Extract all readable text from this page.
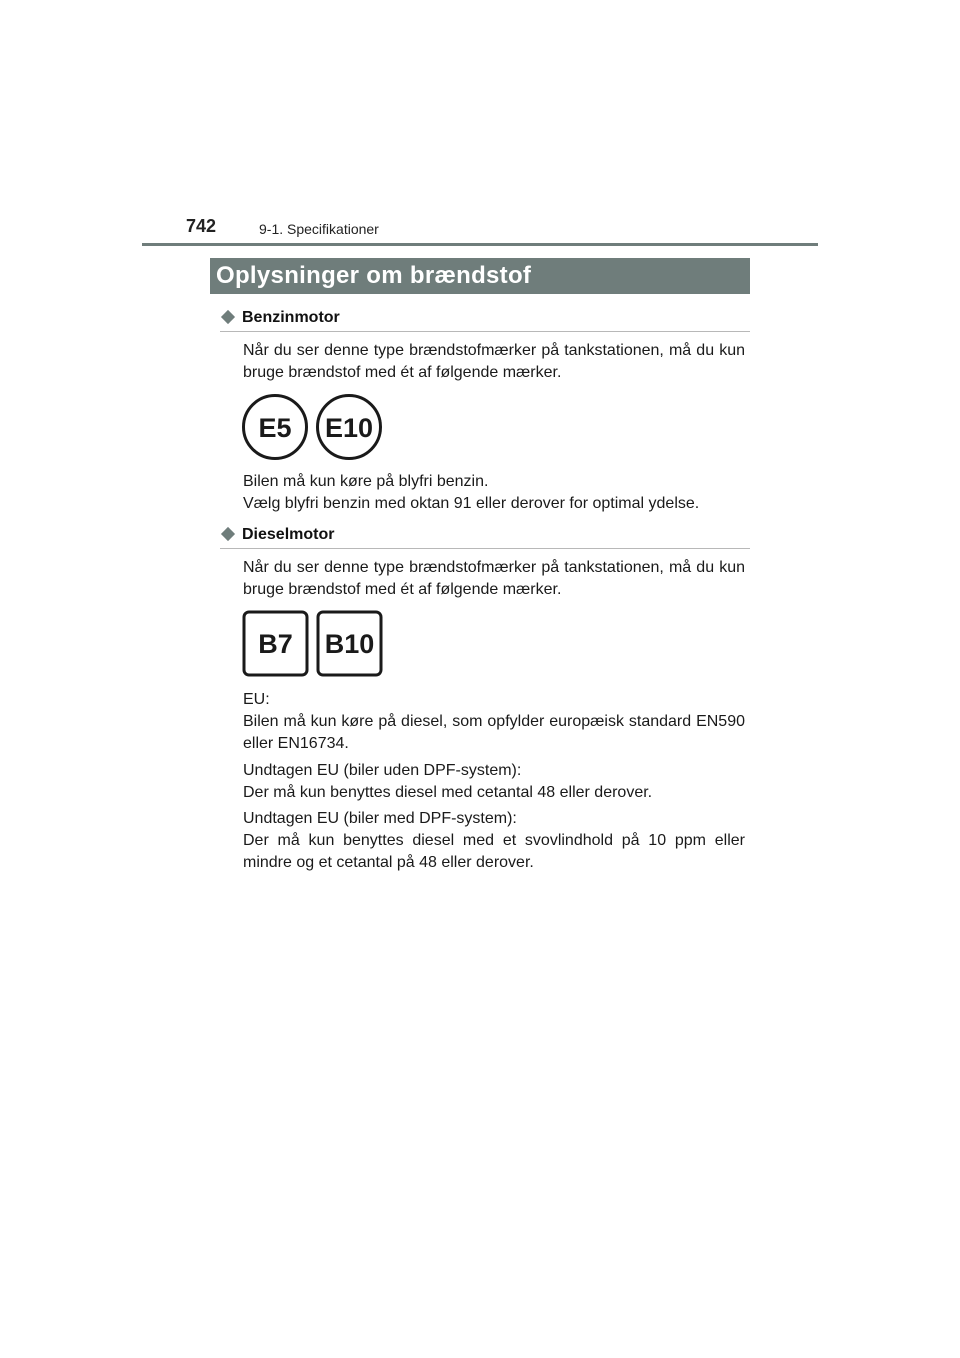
742	9-1. Specifikationer
Oplysninger om brændstof
Benzinmotor
Når du ser denne type brændstofmærker på tankstationen, må du kun bruge brændstof med ét af følgende mærker.
E5 E10
Bilen må kun køre på blyfri benzin.
Vælg blyfri benzin med oktan 91 eller derover for optimal ydelse.
Dieselmotor
Når du ser denne type brændstofmærker på tankstationen, må du kun bruge brændstof med ét af følgende mærker.
B7 B10
EU:
Bilen må kun køre på diesel, som opfylder europæisk standard EN590 eller EN16734.
Undtagen EU (biler uden DPF-system):
Der må kun benyttes diesel med cetantal 48 eller derover.
Undtagen EU (biler med DPF-system):
Der må kun benyttes diesel med et svovlindhold på 10 ppm eller mindre og et cetantal på 48 eller derover.
